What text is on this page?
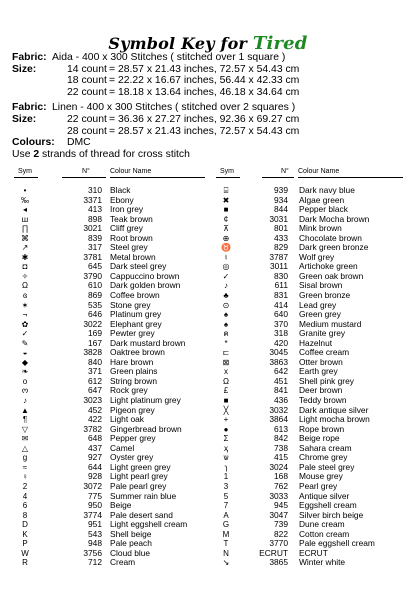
Symbol Key for Tired
Fabric: Aida - 400 x 300 Stitches ( stitched over 1 square )
Size:	14 count = 28.57 x 21.43 inches, 72.57 x 54.43 cm
18 count = 22.22 x 16.67 inches, 56.44 x 42.33 cm
22 count = 18.18 x 13.64 inches, 46.18 x 34.64 cm
Fabric: Linen - 400 x 300 Stitches ( stitched over 2 squares )
Size:	22 count = 36.36 x 27.27 inches, 92.36 x 69.27 cm
28 count = 28.57 x 21.43 inches, 72.57 x 54.43 cm
Colours: DMC
Use 2 strands of thread for cross stitch
Sym	N°	Colour Name	Sym	N° Colour Name
•	310 Black
‰	3371 Ebony
◂	413 Iron grey
ш	898 Teak brown
∏	3021 Cliff grey
⌘	839 Root brown
↗	317 Steel grey
✱	3781 Metal brown
◘	645 Dark steel grey
✧	3790 Cappuccino brown
Ω	610 Dark golden brown
ɞ	869 Coffee brown
✶	535 Stone grey
¬	646 Platinum grey
✿	3022 Elephant grey
✓	169 Pewter grey
✎	167 Dark mustard brown
◒	3828 Oaktree brown
◆	840 Hare brown
❧	371 Green plains
o	612 String brown
ო	647 Rock grey
♪	3023 Light platinum grey
▲	452 Pigeon grey
¶	422 Light oak
▽	3782 Gingerbread brown
✉	648 Pepper grey
△	437 Camel
g	927 Oyster grey
≈	644 Light green grey
♀	928 Light pearl grey
2	3072 Pale pearl grey
4	775 Summer rain blue
6	950 Beige
8	3774 Pale desert sand
D	951 Light eggshell cream
K	543 Shell beige
P	948 Pale peach
W	3756 Cloud blue
R	712 Cream
⌸	939 Dark navy blue
✖	934 Algae green
■	844 Pepper black
¢	3031 Dark Mocha brown
⊼	801 Mink brown
⊕	433 Chocolate brown
♉	829 Dark green bronze
♮	3787 Wolf grey
◎	3011 Artichoke green
✓	830 Green oak brown
♪	611 Sisal brown
♣	831 Green bronze
⊙	414 Lead grey
♠	640 Green grey
♠	370 Medium mustard
ค	318 Granite grey
*	420 Hazelnut
⊏	3045 Coffee cream
⊠	3863 Otter brown
x	642 Earth grey
Ω	451 Shell pink grey
£	841 Deer brown
■	436 Teddy brown
╳	3032 Dark antique silver
+	3864 Light mocha brown
●	613 Rope brown
Σ	842 Beige rope
ҳ	738 Sahara cream
ѡ	415 Chrome grey
ɿ	3024 Pale steel grey
1	168 Mouse grey
3	762 Pearl grey
5	3033 Antique silver
7	945 Eggshell cream
A	3047 Silver birch beige
G	739 Dune cream
M	822 Cotton cream
T	3770 Pale eggshell cream
N	ECRUT ECRUT
↘	3865 Winter white
